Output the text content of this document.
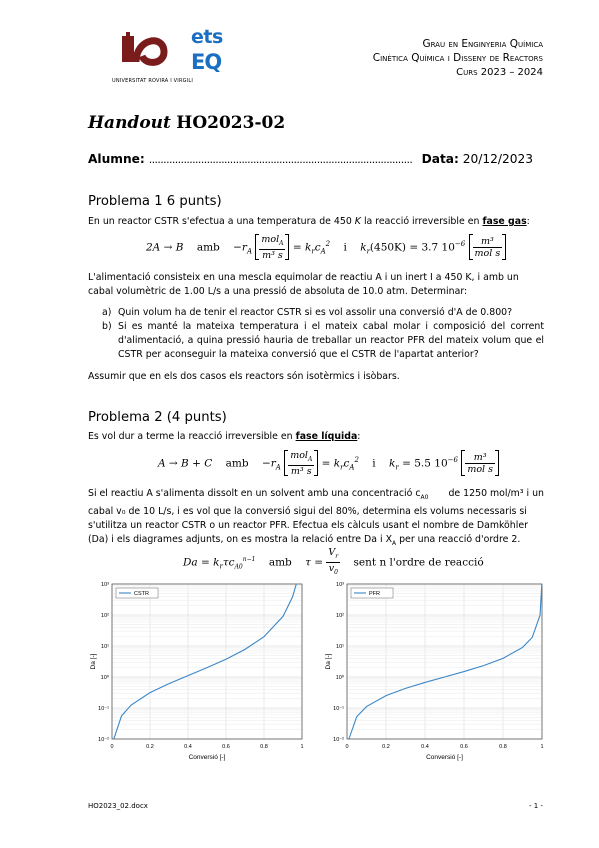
UNIVERSITAT ROVIRA I VIRGILI
ets
EQ
Grau en Enginyeria Química
Cinètica Química i Disseny de Reactors
Curs 2023 – 2024
Handout HO2023-02
Alumne: ........................................................................................... Data: 20/12/2023
Problema 1 6 punts)
En un reactor CSTR s'efectua a una temperatura de 450 K la reacció irreversible en fase gas:
2A → B amb $-r_A \frac{mol_A}{\text{m³ s}} = k_rc_A^2$ i $k_r(450K) = 3.7$ $10^{-6} \frac{\text{m³}}{\text{mol s}}$
L'alimentació consisteix en una mescla equimolar de reactiu A i un inert I a 450 K, i amb un
cabal volumètric de 1.00 L/s a una pressió de absoluta de 10.0 atm. Determinar:
a) Quin volum ha de tenir el reactor CSTR si es vol assolir una conversió d'A de 0.800?
b) Si es manté la mateixa temperatura i el mateix cabal molar i composició del corrent d'alimentació, a quina pressió hauria de treballar un reactor PFR del mateix volum que el CSTR per aconseguir la mateixa conversió que el CSTR de l'apartat anterior?
Assumir que en els dos casos els reactors són isotèrmics i isòbars.
Problema 2 (4 punts)
Es vol dur a terme la reacció irreversible en fase líquida:
A → B + C amb $-r_A \frac{mol_A}{\text{m³ s}} = k_rc_A^2$ i $k_r = 5.5$ $10^{-6} \frac{\text{m³}}{\text{mol s}}$
Si el reactiu A s'alimenta dissolt en un solvent amb una concentració $c_{A0}$ de 1250 mol/m³ i un
cabal v₀ de 10 L/s, i es vol que la conversió sigui del 80%, determina els volums necessaris si
s'utilitza un reactor CSTR o un reactor PFR. Efectua els càlculs usant el nombre de Damköhler
(Da) i els diagrames adjunts, on es mostra la relació entre Da i $X_A$ per una reacció d'ordre 2.
$Da = k_r\tau c_{A0}^{n-1}$ amb $\tau = \frac{V_r}{v_0}$ sent n l'ordre de reacció
0	0.2	0.4	0.6	0.8	1
10⁻²
10⁻¹
10⁰
10¹
10²
10³
Conversió [-]
Da [-]
CSTR
0	0.2	0.4	0.6	0.8	1
10⁻²
10⁻¹
10⁰
10¹
10²
10³
Conversió [-]
Da [-]
PFR
HO2023_02.docx	- 1 -
